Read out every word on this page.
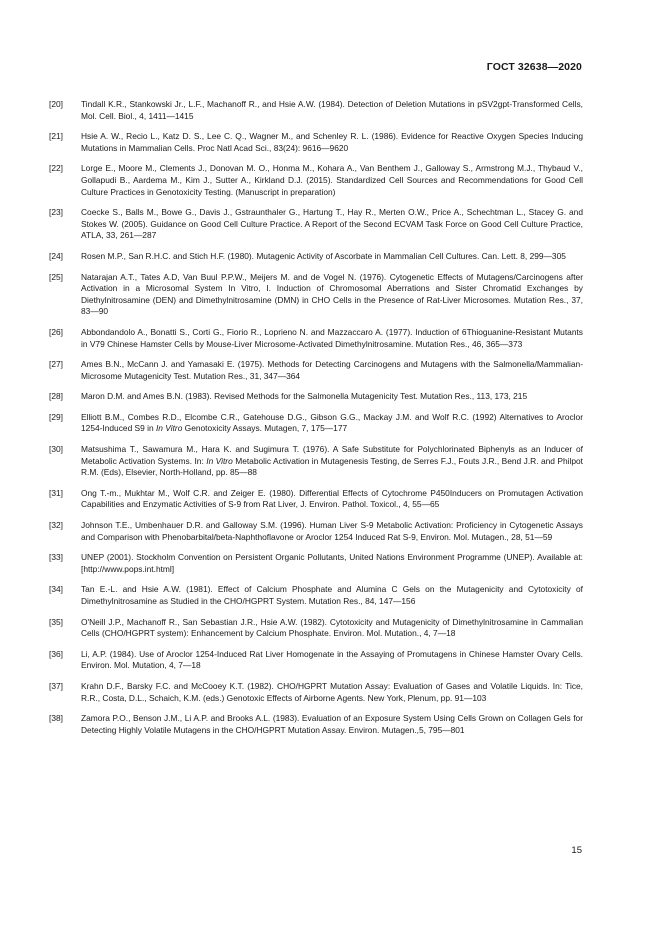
ГОСТ 32638—2020
[20]	Tindall K.R., Stankowski Jr., L.F., Machanoff R., and Hsie A.W. (1984). Detection of Deletion Mutations in pSV2gpt-Transformed Cells, Mol. Cell. Biol., 4, 1411—1415
[21]	Hsie A. W., Recio L., Katz D. S., Lee C. Q., Wagner M., and Schenley R. L. (1986). Evidence for Reactive Oxygen Species Inducing Mutations in Mammalian Cells. Proc Natl Acad Sci., 83(24): 9616—9620
[22]	Lorge E., Moore M., Clements J., Donovan M. O., Honma M., Kohara A., Van Benthem J., Galloway S., Armstrong M.J., Thybaud V., Gollapudi B., Aardema M., Kim J., Sutter A., Kirkland D.J. (2015). Standardized Cell Sources and Recommendations for Good Cell Culture Practices in Genotoxicity Testing. (Manuscript in preparation)
[23]	Coecke S., Balls M., Bowe G., Davis J., Gstraunthaler G., Hartung T., Hay R., Merten O.W., Price A., Schechtman L., Stacey G. and Stokes W. (2005). Guidance on Good Cell Culture Practice. A Report of the Second ECVAM Task Force on Good Cell Culture Practice, ATLA, 33, 261—287
[24]	Rosen M.P., San R.H.C. and Stich H.F. (1980). Mutagenic Activity of Ascorbate in Mammalian Cell Cultures. Can. Lett. 8, 299—305
[25]	Natarajan A.T., Tates A.D, Van Buul P.P.W., Meijers M. and de Vogel N. (1976). Cytogenetic Effects of Mutagens/Carcinogens after Activation in a Microsomal System In Vitro, I. Induction of Chromosomal Aberrations and Sister Chromatid Exchanges by Diethylnitrosamine (DEN) and Dimethylnitrosamine (DMN) in CHO Cells in the Presence of Rat-Liver Microsomes. Mutation Res., 37, 83—90
[26]	Abbondandolo A., Bonatti S., Corti G., Fiorio R., Loprieno N. and Mazzaccaro A. (1977). Induction of 6Thioguanine-Resistant Mutants in V79 Chinese Hamster Cells by Mouse-Liver Microsome-Activated Dimethylnitrosamine. Mutation Res., 46, 365—373
[27]	Ames B.N., McCann J. and Yamasaki E. (1975). Methods for Detecting Carcinogens and Mutagens with the Salmonella/Mammalian-Microsome Mutagenicity Test. Mutation Res., 31, 347—364
[28]	Maron D.M. and Ames B.N. (1983). Revised Methods for the Salmonella Mutagenicity Test. Mutation Res., 113, 173, 215
[29]	Elliott B.M., Combes R.D., Elcombe C.R., Gatehouse D.G., Gibson G.G., Mackay J.M. and Wolf R.C. (1992) Alternatives to Aroclor 1254-Induced S9 in In Vitro Genotoxicity Assays. Mutagen, 7, 175—177
[30]	Matsushima T., Sawamura M., Hara K. and Sugimura T. (1976). A Safe Substitute for Polychlorinated Biphenyls as an Inducer of Metabolic Activation Systems. In: In Vitro Metabolic Activation in Mutagenesis Testing, de Serres F.J., Fouts J.R., Bend J.R. and Philpot R.M. (Eds), Elsevier, North-Holland, pp. 85—88
[31]	Ong T.-m., Mukhtar M., Wolf C.R. and Zeiger E. (1980). Differential Effects of Cytochrome P450Inducers on Promutagen Activation Capabilities and Enzymatic Activities of S-9 from Rat Liver, J. Environ. Pathol. Toxicol., 4, 55—65
[32]	Johnson T.E., Umbenhauer D.R. and Galloway S.M. (1996). Human Liver S-9 Metabolic Activation: Proficiency in Cytogenetic Assays and Comparison with Phenobarbital/beta-Naphthoflavone or Aroclor 1254 Induced Rat S-9, Environ. Mol. Mutagen., 28, 51—59
[33]	UNEP (2001). Stockholm Convention on Persistent Organic Pollutants, United Nations Environment Programme (UNEP). Available at: [http://www.pops.int.html]
[34]	Tan E.-L. and Hsie A.W. (1981). Effect of Calcium Phosphate and Alumina C Gels on the Mutagenicity and Cytotoxicity of Dimethylnitrosamine as Studied in the CHO/HGPRT System. Mutation Res., 84, 147—156
[35]	O'Neill J.P., Machanoff R., San Sebastian J.R., Hsie A.W. (1982). Cytotoxicity and Mutagenicity of Dimethylnitrosamine in Cammalian Cells (CHO/HGPRT system): Enhancement by Calcium Phosphate. Environ. Mol. Mutation., 4, 7—18
[36]	Li, A.P. (1984). Use of Aroclor 1254-Induced Rat Liver Homogenate in the Assaying of Promutagens in Chinese Hamster Ovary Cells. Environ. Mol. Mutation, 4, 7—18
[37]	Krahn D.F., Barsky F.C. and McCooey K.T. (1982). CHO/HGPRT Mutation Assay: Evaluation of Gases and Volatile Liquids. In: Tice, R.R., Costa, D.L., Schaich, K.M. (eds.) Genotoxic Effects of Airborne Agents. New York, Plenum, pp. 91—103
[38]	Zamora P.O., Benson J.M., Li A.P. and Brooks A.L. (1983). Evaluation of an Exposure System Using Cells Grown on Collagen Gels for Detecting Highly Volatile Mutagens in the CHO/HGPRT Mutation Assay. Environ. Mutagen.,5, 795—801
15
